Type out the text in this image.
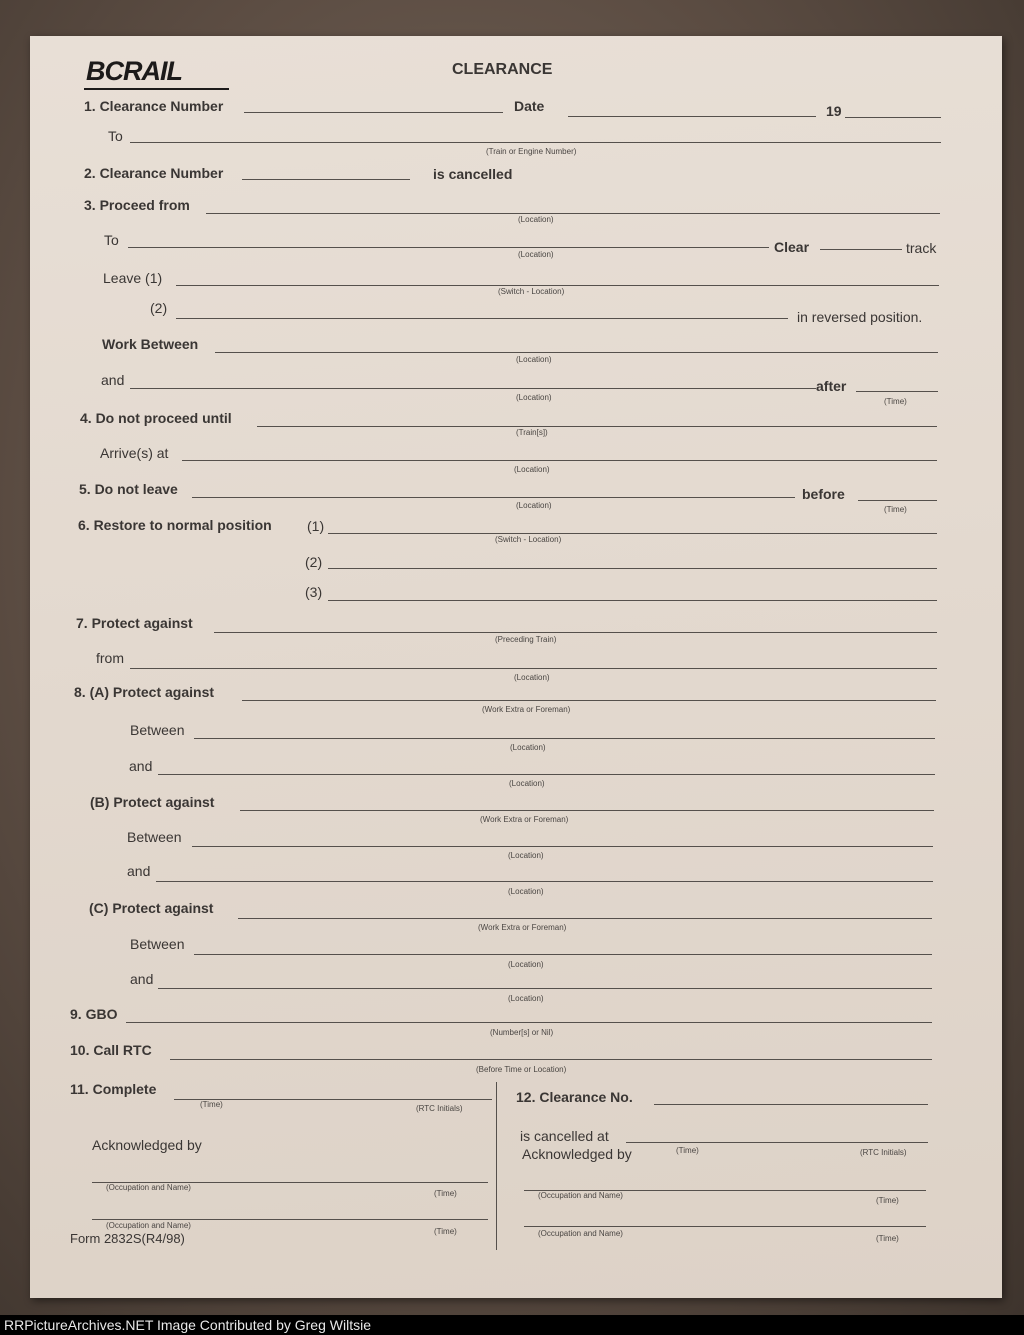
BCRAIL	CLEARANCE
1. Clearance Number	Date	19
To
(Train or Engine Number)
2. Clearance Number	is cancelled
3. Proceed from
(Location)
To	Clear	track
(Location)
Leave (1)
(Switch - Location)
(2)
in reversed position.
Work Between
(Location)
and	after
(Location)	(Time)
4. Do not proceed until
(Train[s])
Arrive(s) at
(Location)
5. Do not leave	before
(Location)	(Time)
6. Restore to normal position	(1)
(Switch - Location)
(2)
(3)
7. Protect against
(Preceding Train)
from
(Location)
8. (A) Protect against
(Work Extra or Foreman)
Between
(Location)
and
(Location)
(B) Protect against
(Work Extra or Foreman)
Between
(Location)
and
(Location)
(C) Protect against
(Work Extra or Foreman)
Between
(Location)
and
(Location)
9. GBO
(Number[s] or Nil)
10. Call RTC
(Before Time or Location)
11. Complete
(Time)	(RTC Initials)
Acknowledged by
(Occupation and Name)
(Time)
(Occupation and Name)
(Time)
12. Clearance No.
is cancelled at
Acknowledged by	(Time)	(RTC Initials)
(Occupation and Name)
(Time)
(Occupation and Name)
(Time)
Form 2832S(R4/98)
RRPictureArchives.NET Image Contributed by Greg Wiltsie
